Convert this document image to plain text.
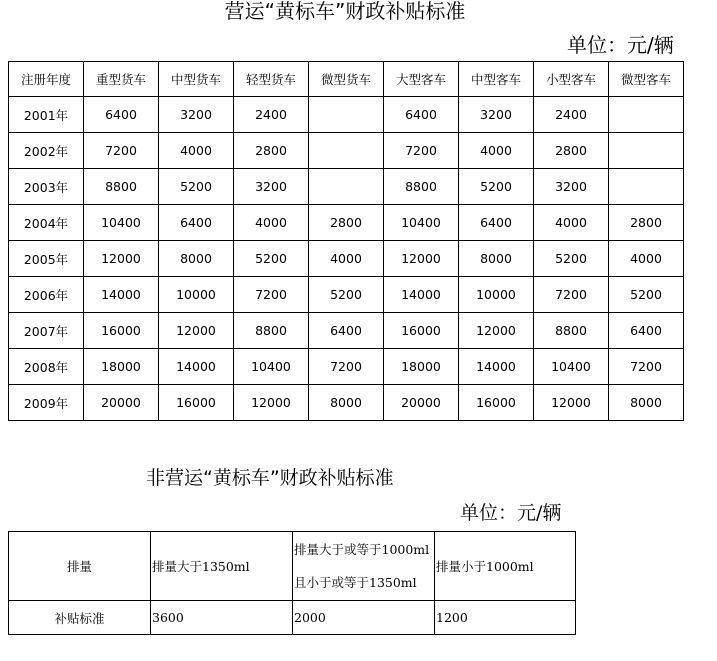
营运“黄标车”财政补贴标准
单位：元/辆
注册年度	重型货车	中型货车	轻型货车	微型货车	大型客车	中型客车	小型客车	微型客车
2001年	6400	3200	2400		6400	3200	2400	
2002年	7200	4000	2800		7200	4000	2800	
2003年	8800	5200	3200		8800	5200	3200	
2004年	10400	6400	4000	2800	10400	6400	4000	2800
2005年	12000	8000	5200	4000	12000	8000	5200	4000
2006年	14000	10000	7200	5200	14000	10000	7200	5200
2007年	16000	12000	8800	6400	16000	12000	8800	6400
2008年	18000	14000	10400	7200	18000	14000	10400	7200
2009年	20000	16000	12000	8000	20000	16000	12000	8000
非营运“黄标车”财政补贴标准
单位：元/辆
排量	排量大于1350ml	排量大于或等于1000ml
且小于或等于1350ml	排量小于1000ml
补贴标准	3600	2000	1200
